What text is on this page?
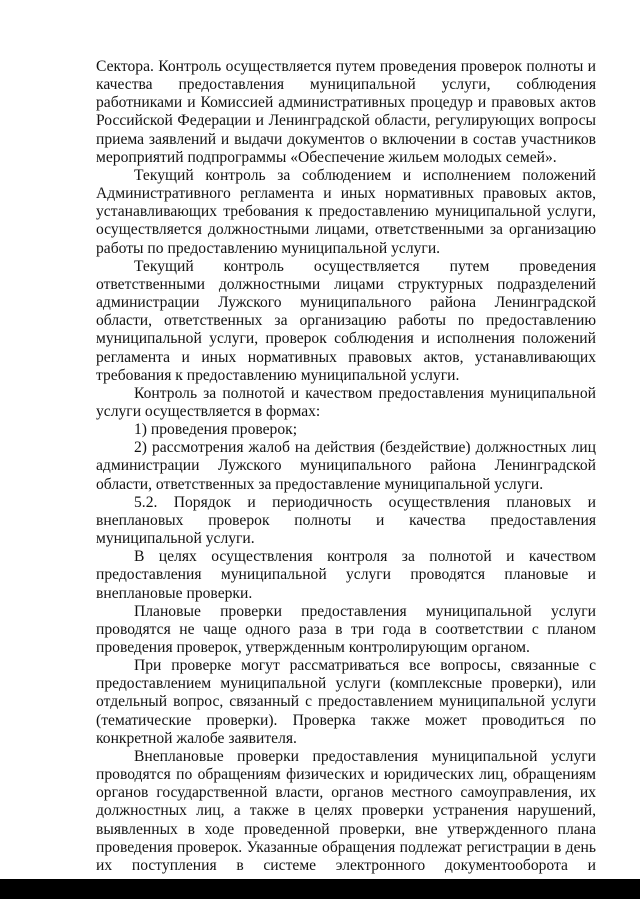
Сектора. Контроль осуществляется путем проведения проверок полноты и качества предоставления муниципальной услуги, соблюдения работниками и Комиссией административных процедур и правовых актов Российской Федерации и Ленинградской области, регулирующих вопросы приема заявлений и выдачи документов о включении в состав участников мероприятий подпрограммы «Обеспечение жильем молодых семей».

Текущий контроль за соблюдением и исполнением положений Административного регламента и иных нормативных правовых актов, устанавливающих требования к предоставлению муниципальной услуги, осуществляется должностными лицами, ответственными за организацию работы по предоставлению муниципальной услуги.

Текущий контроль осуществляется путем проведения ответственными должностными лицами структурных подразделений администрации Лужского муниципального района Ленинградской области, ответственных за организацию работы по предоставлению муниципальной услуги, проверок соблюдения и исполнения положений регламента и иных нормативных правовых актов, устанавливающих требования к предоставлению муниципальной услуги.

Контроль за полнотой и качеством предоставления муниципальной услуги осуществляется в формах:

1) проведения проверок;

2) рассмотрения жалоб на действия (бездействие) должностных лиц администрации Лужского муниципального района Ленинградской области, ответственных за предоставление муниципальной услуги.

5.2. Порядок и периодичность осуществления плановых и внеплановых проверок полноты и качества предоставления муниципальной услуги.

В целях осуществления контроля за полнотой и качеством предоставления муниципальной услуги проводятся плановые и внеплановые проверки.

Плановые проверки предоставления муниципальной услуги проводятся не чаще одного раза в три года в соответствии с планом проведения проверок, утвержденным контролирующим органом.

При проверке могут рассматриваться все вопросы, связанные с предоставлением муниципальной услуги (комплексные проверки), или отдельный вопрос, связанный с предоставлением муниципальной услуги (тематические проверки). Проверка также может проводиться по конкретной жалобе заявителя.

Внеплановые проверки предоставления муниципальной услуги проводятся по обращениям физических и юридических лиц, обращениям органов государственной власти, органов местного самоуправления, их должностных лиц, а также в целях проверки устранения нарушений, выявленных в ходе проведенной проверки, вне утвержденного плана проведения проверок. Указанные обращения подлежат регистрации в день их поступления в системе электронного документооборота и
